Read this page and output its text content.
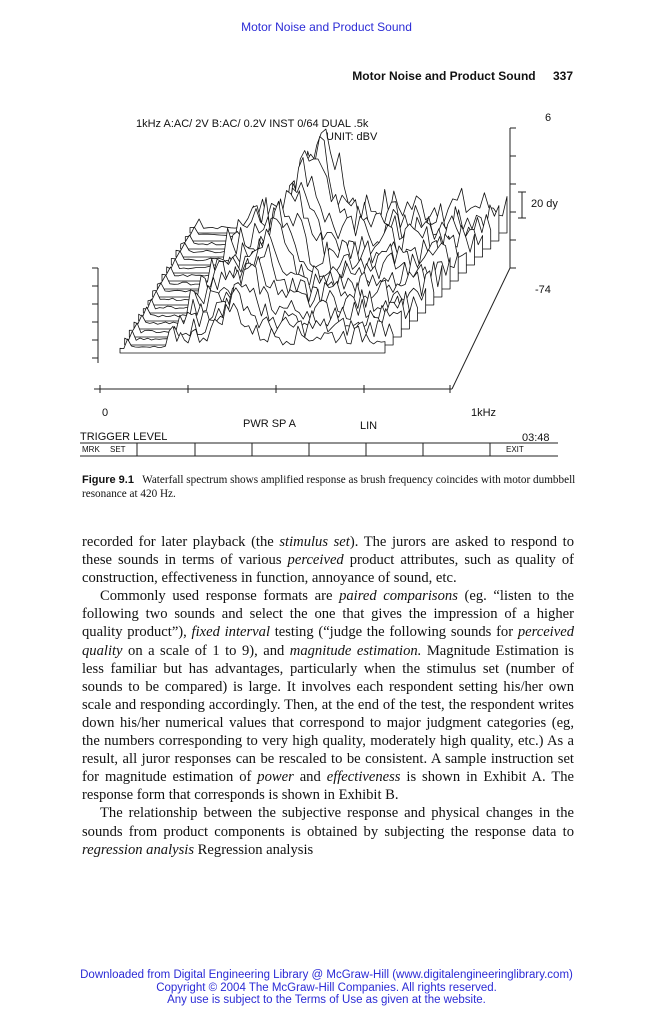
Motor Noise and Product Sound
Motor Noise and Product Sound 337
1kHz A:AC/ 2V B:AC/ 0.2V INST 0/64 DUAL .5k
UNIT: dBV
6
20 dy
-74
0	1kHz
PWR SP A	LIN
TRIGGER LEVEL	03:48
MRK SET	EXIT
Figure 9.1 Waterfall spectrum shows amplified response as brush frequency coincides with motor dumbbell resonance at 420 Hz.

recorded for later playback (the stimulus set). The jurors are asked to respond to these sounds in terms of various perceived product attributes, such as quality of construction, effectiveness in function, annoyance of sound, etc.

Commonly used response formats are paired comparisons (eg. “listen to the following two sounds and select the one that gives the impression of a higher quality product”), fixed interval testing (“judge the following sounds for perceived quality on a scale of 1 to 9), and magnitude estimation. Magnitude Estimation is less familiar but has advantages, particularly when the stimulus set (number of sounds to be compared) is large. It involves each respondent setting his/her own scale and responding accordingly. Then, at the end of the test, the respondent writes down his/her numerical values that correspond to major judgment categories (eg, the numbers corresponding to very high quality, moderately high quality, etc.) As a result, all juror responses can be rescaled to be consistent. A sample instruction set for magnitude estimation of power and effectiveness is shown in Exhibit A. The response form that corresponds is shown in Exhibit B.

The relationship between the subjective response and physical changes in the sounds from product components is obtained by subjecting the response data to regression analysis Regression analysis

Downloaded from Digital Engineering Library @ McGraw-Hill (www.digitalengineeringlibrary.com)
Copyright © 2004 The McGraw-Hill Companies. All rights reserved.
Any use is subject to the Terms of Use as given at the website.
